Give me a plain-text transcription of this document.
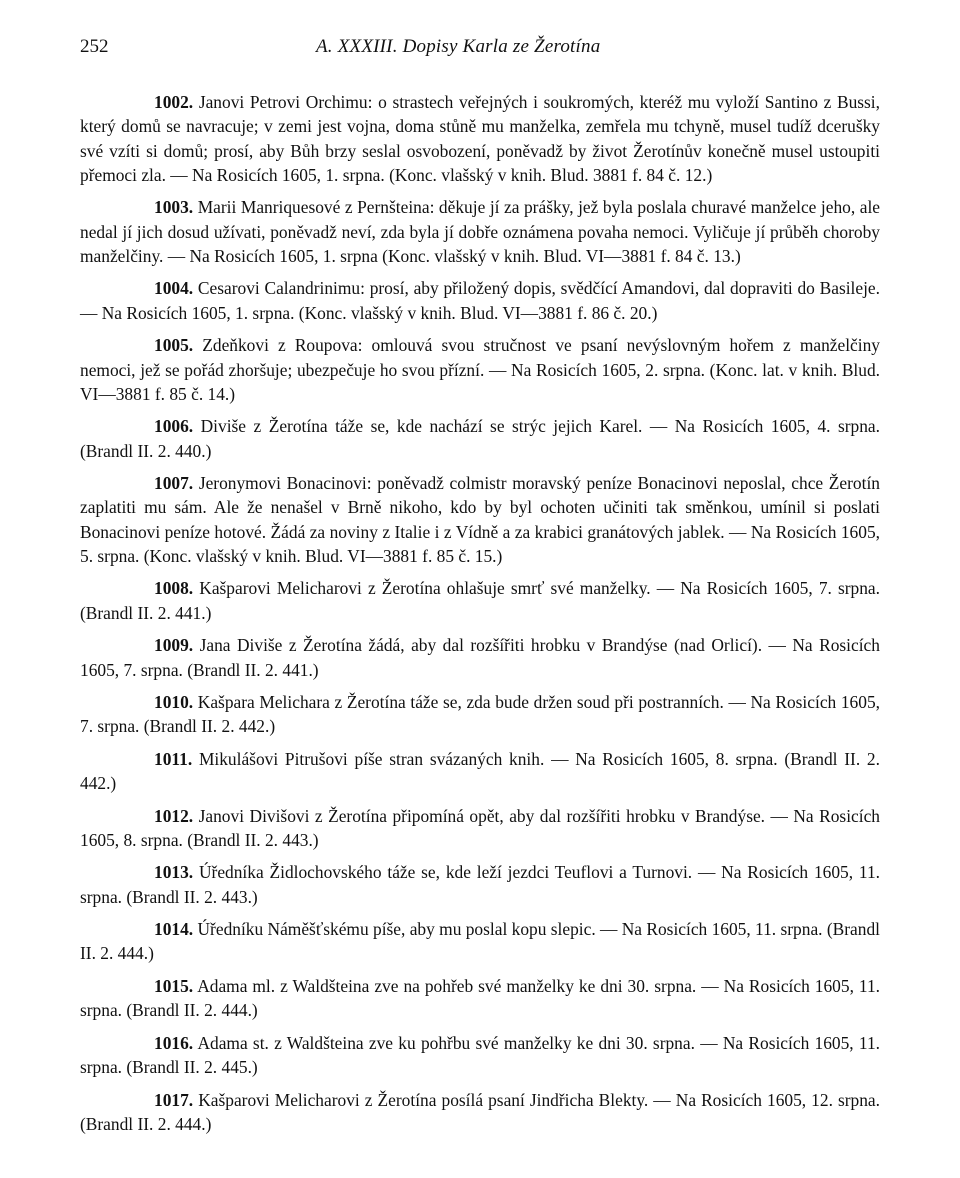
252	A. XXXIII. Dopisy Karla ze Žerotína

1002. Janovi Petrovi Orchimu: o strastech veřejných i soukromých, kteréž mu vyloží Santino z Bussi, který domů se navracuje; v zemi jest vojna, doma stůně mu manželka, zemřela mu tchyně, musel tudíž dcerušky své vzíti si domů; prosí, aby Bůh brzy seslal osvobození, poněvadž by život Žerotínův konečně musel ustoupiti přemoci zla. — Na Rosicích 1605, 1. srpna. (Konc. vlašský v knih. Blud. 3881 f. 84 č. 12.)

1003. Marii Manriquesové z Pernšteina: děkuje jí za prášky, jež byla poslala churavé manželce jeho, ale nedal jí jich dosud užívati, poněvadž neví, zda byla jí dobře oznámena povaha nemoci. Vyličuje jí průběh choroby manželčiny. — Na Rosicích 1605, 1. srpna (Konc. vlašský v knih. Blud. VI—3881 f. 84 č. 13.)

1004. Cesarovi Calandrinimu: prosí, aby přiložený dopis, svědčící Amandovi, dal dopraviti do Basileje. — Na Rosicích 1605, 1. srpna. (Konc. vlašský v knih. Blud. VI—3881 f. 86 č. 20.)

1005. Zdeňkovi z Roupova: omlouvá svou stručnost ve psaní nevýslovným hořem z manželčiny nemoci, jež se pořád zhoršuje; ubezpečuje ho svou přízní. — Na Rosicích 1605, 2. srpna. (Konc. lat. v knih. Blud. VI—3881 f. 85 č. 14.)

1006. Diviše z Žerotína táže se, kde nachází se strýc jejich Karel. — Na Rosicích 1605, 4. srpna. (Brandl II. 2. 440.)

1007. Jeronymovi Bonacinovi: poněvadž colmistr moravský peníze Bonacinovi neposlal, chce Žerotín zaplatiti mu sám. Ale že nenašel v Brně nikoho, kdo by byl ochoten učiniti tak směnkou, umínil si poslati Bonacinovi peníze hotové. Žádá za noviny z Italie i z Vídně a za krabici granátových jablek. — Na Rosicích 1605, 5. srpna. (Konc. vlašský v knih. Blud. VI—3881 f. 85 č. 15.)

1008. Kašparovi Melicharovi z Žerotína ohlašuje smrť své manželky. — Na Rosicích 1605, 7. srpna. (Brandl II. 2. 441.)

1009. Jana Diviše z Žerotína žádá, aby dal rozšířiti hrobku v Brandýse (nad Orlicí). — Na Rosicích 1605, 7. srpna. (Brandl II. 2. 441.)

1010. Kašpara Melichara z Žerotína táže se, zda bude držen soud při postranních. — Na Rosicích 1605, 7. srpna. (Brandl II. 2. 442.)

1011. Mikulášovi Pitrušovi píše stran svázaných knih. — Na Rosicích 1605, 8. srpna. (Brandl II. 2. 442.)

1012. Janovi Divišovi z Žerotína připomíná opět, aby dal rozšířiti hrobku v Brandýse. — Na Rosicích 1605, 8. srpna. (Brandl II. 2. 443.)

1013. Úředníka Židlochovského táže se, kde leží jezdci Teuflovi a Turnovi. — Na Rosicích 1605, 11. srpna. (Brandl II. 2. 443.)

1014. Úředníku Náměšťskému píše, aby mu poslal kopu slepic. — Na Rosicích 1605, 11. srpna. (Brandl II. 2. 444.)

1015. Adama ml. z Waldšteina zve na pohřeb své manželky ke dni 30. srpna. — Na Rosicích 1605, 11. srpna. (Brandl II. 2. 444.)

1016. Adama st. z Waldšteina zve ku pohřbu své manželky ke dni 30. srpna. — Na Rosicích 1605, 11. srpna. (Brandl II. 2. 445.)

1017. Kašparovi Melicharovi z Žerotína posílá psaní Jindřicha Blekty. — Na Rosicích 1605, 12. srpna. (Brandl II. 2. 444.)
